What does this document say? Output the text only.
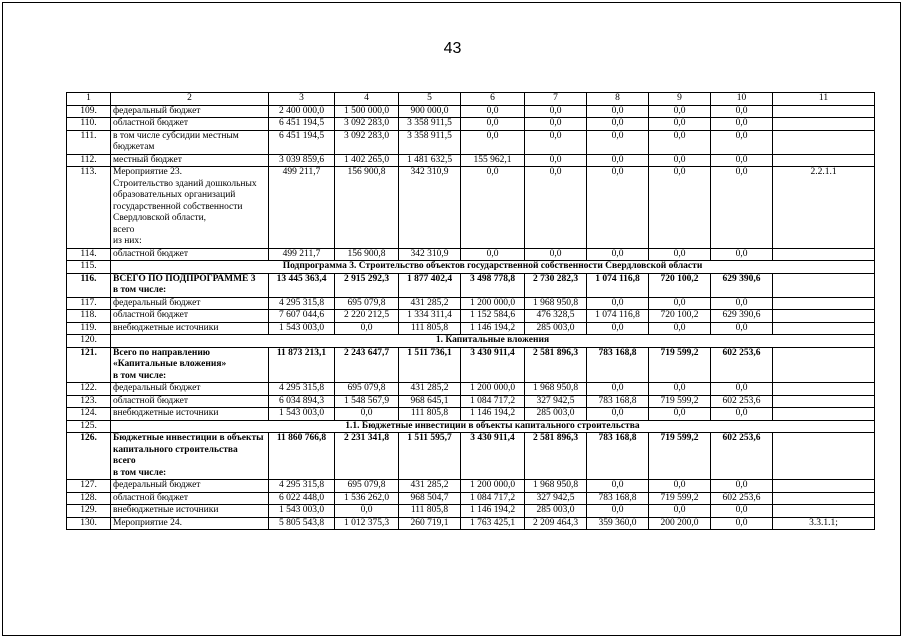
43
1	2	3	4	5	6	7	8	9	10	11
109.	федеральный бюджет	2 400 000,0	1 500 000,0	900 000,0	0,0	0,0	0,0	0,0	0,0	
110.	областной бюджет	6 451 194,5	3 092 283,0	3 358 911,5	0,0	0,0	0,0	0,0	0,0	
111.	в том числе субсидии местным бюджетам	6 451 194,5	3 092 283,0	3 358 911,5	0,0	0,0	0,0	0,0	0,0	
112.	местный бюджет	3 039 859,6	1 402 265,0	1 481 632,5	155 962,1	0,0	0,0	0,0	0,0	
113.	Мероприятие 23.
Строительство зданий дошкольных образовательных организаций государственной собственности Свердловской области,
всего
из них:	499 211,7	156 900,8	342 310,9	0,0	0,0	0,0	0,0	0,0	2.2.1.1
114.	областной бюджет	499 211,7	156 900,8	342 310,9	0,0	0,0	0,0	0,0	0,0	
115.	Подпрограмма 3. Строительство объектов государственной собственности Свердловской области									
116.	ВСЕГО ПО ПОДПРОГРАММЕ 3
в том числе:	13 445 363,4	2 915 292,3	1 877 402,4	3 498 778,8	2 730 282,3	1 074 116,8	720 100,2	629 390,6	
117.	федеральный бюджет	4 295 315,8	695 079,8	431 285,2	1 200 000,0	1 968 950,8	0,0	0,0	0,0	
118.	областной бюджет	7 607 044,6	2 220 212,5	1 334 311,4	1 152 584,6	476 328,5	1 074 116,8	720 100,2	629 390,6	
119.	внебюджетные источники	1 543 003,0	0,0	111 805,8	1 146 194,2	285 003,0	0,0	0,0	0,0	
120.	1. Капитальные вложения									
121.	Всего по направлению «Капитальные вложения»
в том числе:	11 873 213,1	2 243 647,7	1 511 736,1	3 430 911,4	2 581 896,3	783 168,8	719 599,2	602 253,6	
122.	федеральный бюджет	4 295 315,8	695 079,8	431 285,2	1 200 000,0	1 968 950,8	0,0	0,0	0,0	
123.	областной бюджет	6 034 894,3	1 548 567,9	968 645,1	1 084 717,2	327 942,5	783 168,8	719 599,2	602 253,6	
124.	внебюджетные источники	1 543 003,0	0,0	111 805,8	1 146 194,2	285 003,0	0,0	0,0	0,0	
125.	1.1. Бюджетные инвестиции в объекты капитального строительства									
126.	Бюджетные инвестиции в объекты капитального строительства
всего
в том числе:	11 860 766,8	2 231 341,8	1 511 595,7	3 430 911,4	2 581 896,3	783 168,8	719 599,2	602 253,6	
127.	федеральный бюджет	4 295 315,8	695 079,8	431 285,2	1 200 000,0	1 968 950,8	0,0	0,0	0,0	
128.	областной бюджет	6 022 448,0	1 536 262,0	968 504,7	1 084 717,2	327 942,5	783 168,8	719 599,2	602 253,6	
129.	внебюджетные источники	1 543 003,0	0,0	111 805,8	1 146 194,2	285 003,0	0,0	0,0	0,0	
130.	Мероприятие 24.	5 805 543,8	1 012 375,3	260 719,1	1 763 425,1	2 209 464,3	359 360,0	200 200,0	0,0	3.3.1.1;
